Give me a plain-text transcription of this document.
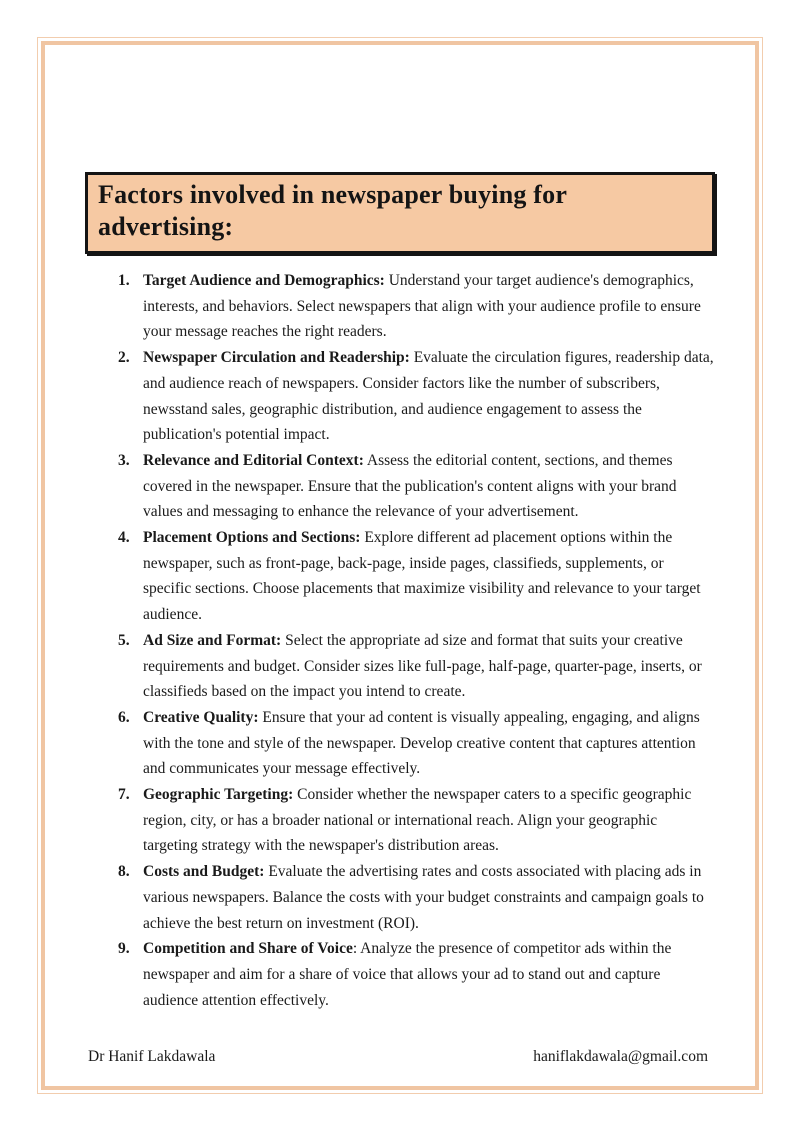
Factors involved in newspaper buying for advertising:
1. Target Audience and Demographics: Understand your target audience's demographics, interests, and behaviors. Select newspapers that align with your audience profile to ensure your message reaches the right readers.
2. Newspaper Circulation and Readership: Evaluate the circulation figures, readership data, and audience reach of newspapers. Consider factors like the number of subscribers, newsstand sales, geographic distribution, and audience engagement to assess the publication's potential impact.
3. Relevance and Editorial Context: Assess the editorial content, sections, and themes covered in the newspaper. Ensure that the publication's content aligns with your brand values and messaging to enhance the relevance of your advertisement.
4. Placement Options and Sections: Explore different ad placement options within the newspaper, such as front-page, back-page, inside pages, classifieds, supplements, or specific sections. Choose placements that maximize visibility and relevance to your target audience.
5. Ad Size and Format: Select the appropriate ad size and format that suits your creative requirements and budget. Consider sizes like full-page, half-page, quarter-page, inserts, or classifieds based on the impact you intend to create.
6. Creative Quality: Ensure that your ad content is visually appealing, engaging, and aligns with the tone and style of the newspaper. Develop creative content that captures attention and communicates your message effectively.
7. Geographic Targeting: Consider whether the newspaper caters to a specific geographic region, city, or has a broader national or international reach. Align your geographic targeting strategy with the newspaper's distribution areas.
8. Costs and Budget: Evaluate the advertising rates and costs associated with placing ads in various newspapers. Balance the costs with your budget constraints and campaign goals to achieve the best return on investment (ROI).
9. Competition and Share of Voice: Analyze the presence of competitor ads within the newspaper and aim for a share of voice that allows your ad to stand out and capture audience attention effectively.
Dr Hanif Lakdawala	haniflakdawala@gmail.com
